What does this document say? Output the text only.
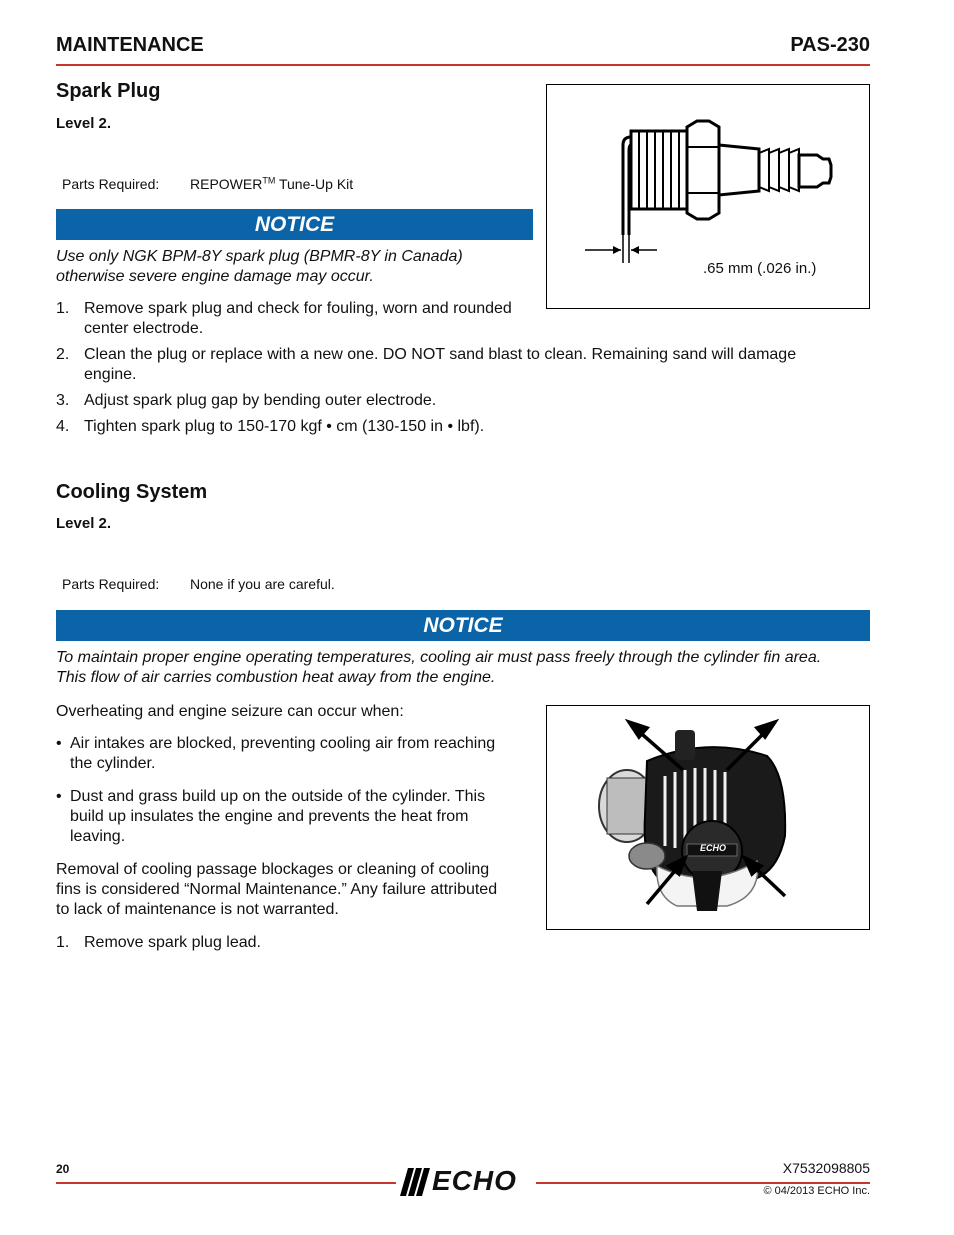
MAINTENANCE	PAS-230
Spark Plug
Level 2.
Parts Required: REPOWER™ Tune-Up Kit
NOTICE
Use only NGK BPM-8Y spark plug (BPMR-8Y in Canada)
otherwise severe engine damage may occur.	.65 mm (.026 in.)
1. Remove spark plug and check for fouling, worn and rounded
center electrode.
2. Clean the plug or replace with a new one. DO NOT sand blast to clean. Remaining sand will damage
engine.
3. Adjust spark plug gap by bending outer electrode.
4. Tighten spark plug to 150-170 kgf • cm (130-150 in • lbf).
Cooling System
Level 2.
Parts Required: None if you are careful.
NOTICE
To maintain proper engine operating temperatures, cooling air must pass freely through the cylinder fin area.
This flow of air carries combustion heat away from the engine.
Overheating and engine seizure can occur when:
• Air intakes are blocked, preventing cooling air from reaching
the cylinder.
• Dust and grass build up on the outside of the cylinder. This
build up insulates the engine and prevents the heat from
leaving.
Removal of cooling passage blockages or cleaning of cooling
fins is considered “Normal Maintenance.” Any failure attributed
to lack of maintenance is not warranted.
1. Remove spark plug lead.
ECHO
20	ECHO	X7532098805
© 04/2013 ECHO Inc.
